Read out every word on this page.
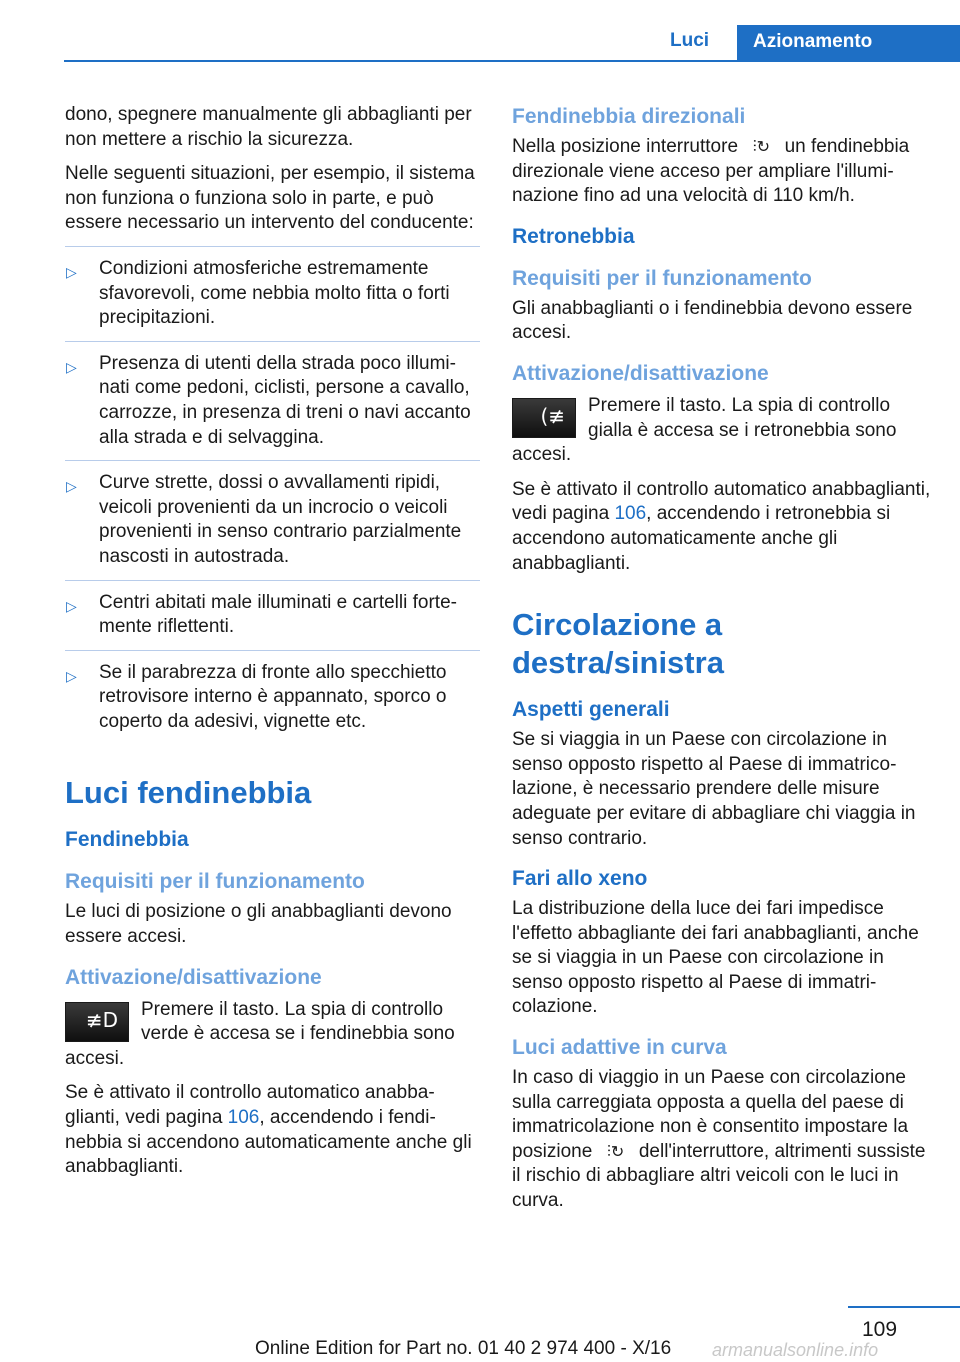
Luci	Azionamento

dono, spegnere manualmente gli abbaglianti per non mettere a rischio la sicurezza.

Nelle seguenti situazioni, per esempio, il sistema non funziona o funziona solo in parte, e può essere necessario un intervento del conducente:

▷ Condizioni atmosferiche estremamente sfavorevoli, come nebbia molto fitta o forti precipitazioni.
▷ Presenza di utenti della strada poco illuminati come pedoni, ciclisti, persone a cavallo, carrozze, in presenza di treni o navi accanto alla strada e di selvaggina.
▷ Curve strette, dossi o avvallamenti ripidi, veicoli provenienti da un incrocio o veicoli provenienti in senso contrario parzialmente nascosti in autostrada.
▷ Centri abitati male illuminati e cartelli fortemente riflettenti.
▷ Se il parabrezza di fronte allo specchietto retrovisore interno è appannato, sporco o coperto da adesivi, vignette etc.
Luci fendinebbia
Fendinebbia
Requisiti per il funzionamento

Le luci di posizione o gli anabbaglianti devono essere accesi.

Attivazione/disattivazione
≢D Premere il tasto. La spia di controllo verde è accesa se i fendinebbia sono accesi.

Se è attivato il controllo automatico anabbaglianti, vedi pagina 106, accendendo i fendinebbia si accendono automaticamente anche gli anabbaglianti.

Fendinebbia direzionali

Nella posizione interruttore ⫶↻ un fendinebbia direzionale viene acceso per ampliare l'illuminazione fino ad una velocità di 110 km/h.

Retronebbia
Requisiti per il funzionamento

Gli anabbaglianti o i fendinebbia devono essere accesi.

Attivazione/disattivazione
(≢ Premere il tasto. La spia di controllo gialla è accesa se i retronebbia sono accesi.

Se è attivato il controllo automatico anabbaglianti, vedi pagina 106, accendendo i retronebbia si accendono automaticamente anche gli anabbaglianti.

Circolazione a destra/sinistra
Aspetti generali

Se si viaggia in un Paese con circolazione in senso opposto rispetto al Paese di immatricolazione, è necessario prendere delle misure adeguate per evitare di abbagliare chi viaggia in senso contrario.

Fari allo xeno

La distribuzione della luce dei fari impedisce l'effetto abbagliante dei fari anabbaglianti, anche se si viaggia in un Paese con circolazione in senso opposto rispetto al Paese di immatricolazione.

Luci adattive in curva

In caso di viaggio in un Paese con circolazione sulla carreggiata opposta a quella del paese di immatricolazione non è consentito impostare la posizione ⫶↻ dell'interruttore, altrimenti sussiste il rischio di abbagliare altri veicoli con le luci in curva.

109
Online Edition for Part no. 01 40 2 974 400 - X/16 armanualsonline.info
